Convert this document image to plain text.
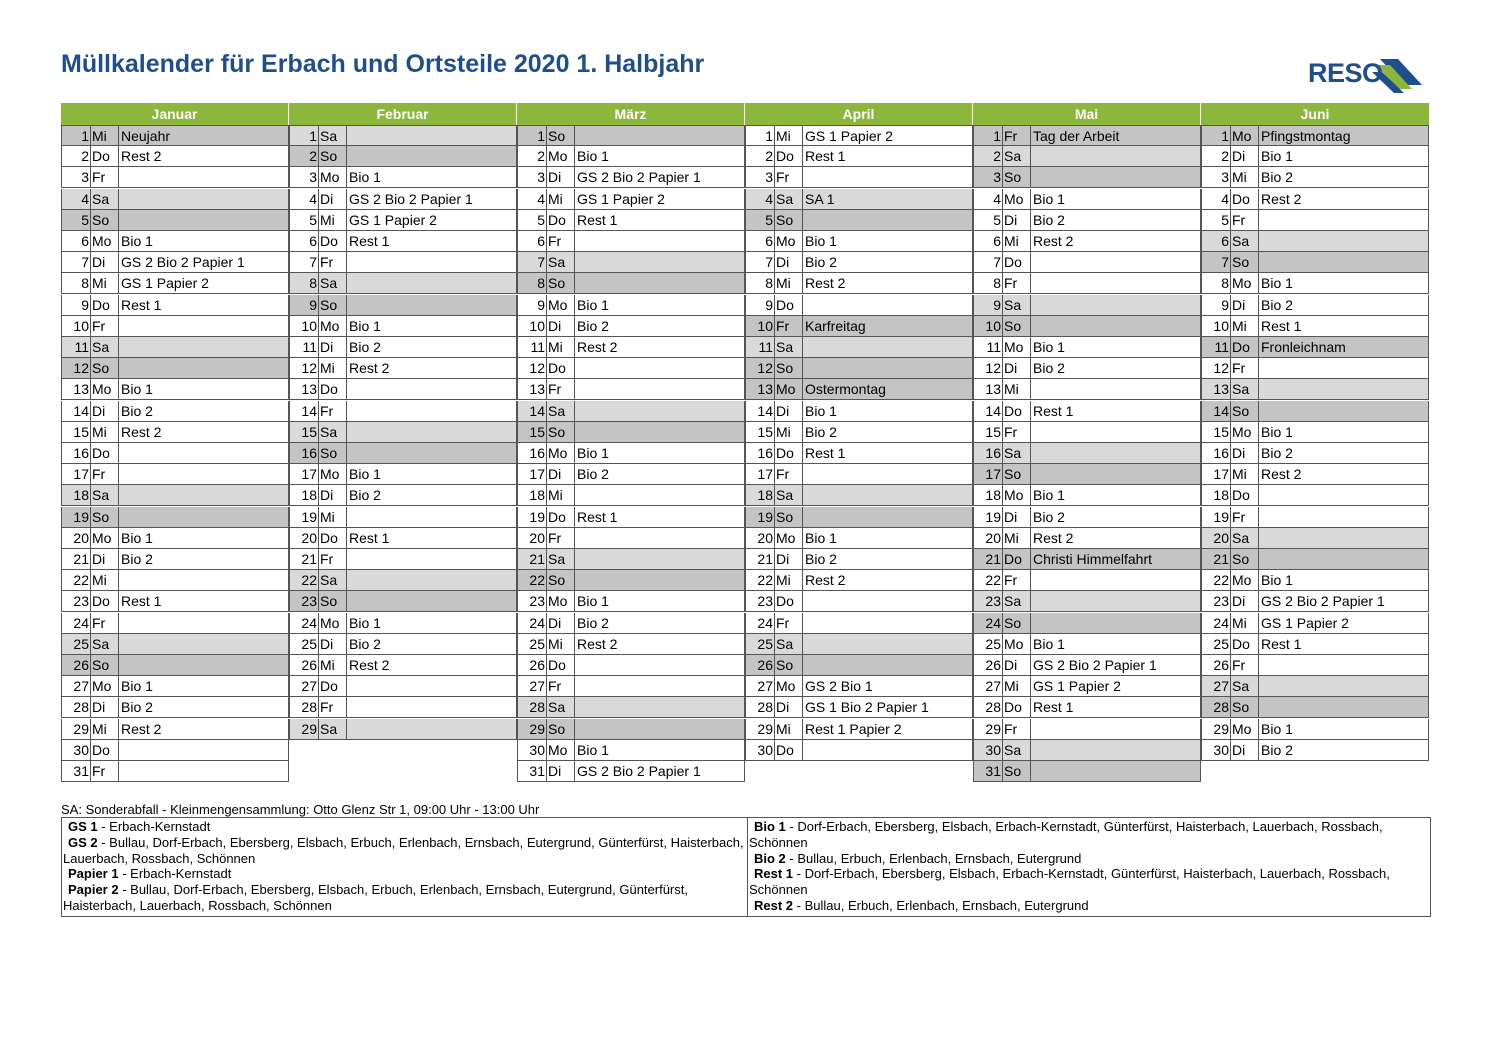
Müllkalender für Erbach und Ortsteile 2020 1. Halbjahr	RESO
Januar
1 Mi	Neujahr
2 Do Rest 2
3 Fr
4 Sa
5 So
6 Mo Bio 1
7 Di	GS 2 Bio 2 Papier 1
8 Mi	GS 1 Papier 2
9 Do Rest 1
10 Fr
11 Sa
12 So
13 Mo Bio 1
14 Di	Bio 2
15 Mi	Rest 2
16 Do
17 Fr
18 Sa
19 So
20 Mo Bio 1
21 Di	Bio 2
22 Mi
23 Do Rest 1
24 Fr
25 Sa
26 So
27 Mo Bio 1
28 Di	Bio 2
29 Mi	Rest 2
30 Do
31 Fr
Februar
1 Sa
2 So
3 Mo Bio 1
4 Di	GS 2 Bio 2 Papier 1
5 Mi	GS 1 Papier 2
6 Do Rest 1
7 Fr
8 Sa
9 So
10 Mo Bio 1
11 Di	Bio 2
12 Mi	Rest 2
13 Do
14 Fr
15 Sa
16 So
17 Mo Bio 1
18 Di	Bio 2
19 Mi
20 Do Rest 1
21 Fr
22 Sa
23 So
24 Mo Bio 1
25 Di	Bio 2
26 Mi	Rest 2
27 Do
28 Fr
29 Sa
März
1 So
2 Mo Bio 1
3 Di	GS 2 Bio 2 Papier 1
4 Mi	GS 1 Papier 2
5 Do Rest 1
6 Fr
7 Sa
8 So
9 Mo Bio 1
10 Di	Bio 2
11 Mi	Rest 2
12 Do
13 Fr
14 Sa
15 So
16 Mo Bio 1
17 Di	Bio 2
18 Mi
19 Do Rest 1
20 Fr
21 Sa
22 So
23 Mo Bio 1
24 Di	Bio 2
25 Mi	Rest 2
26 Do
27 Fr
28 Sa
29 So
30 Mo Bio 1
31 Di	GS 2 Bio 2 Papier 1
April
1 Mi	GS 1 Papier 2
2 Do Rest 1
3 Fr
4 Sa SA 1
5 So
6 Mo Bio 1
7 Di	Bio 2
8 Mi	Rest 2
9 Do
10 Fr	Karfreitag
11 Sa
12 So
13 Mo Ostermontag
14 Di	Bio 1
15 Mi	Bio 2
16 Do Rest 1
17 Fr
18 Sa
19 So
20 Mo Bio 1
21 Di	Bio 2
22 Mi	Rest 2
23 Do
24 Fr
25 Sa
26 So
27 Mo GS 2 Bio 1
28 Di	GS 1 Bio 2 Papier 1
29 Mi	Rest 1 Papier 2
30 Do
Mai
1 Fr	Tag der Arbeit
2 Sa
3 So
4 Mo Bio 1
5 Di	Bio 2
6 Mi	Rest 2
7 Do
8 Fr
9 Sa
10 So
11 Mo Bio 1
12 Di	Bio 2
13 Mi
14 Do Rest 1
15 Fr
16 Sa
17 So
18 Mo Bio 1
19 Di	Bio 2
20 Mi	Rest 2
21 Do Christi Himmelfahrt
22 Fr
23 Sa
24 So
25 Mo Bio 1
26 Di	GS 2 Bio 2 Papier 1
27 Mi	GS 1 Papier 2
28 Do Rest 1
29 Fr
30 Sa
31 So
Juni
1 Mo Pfingstmontag
2 Di	Bio 1
3 Mi	Bio 2
4 Do Rest 2
5 Fr
6 Sa
7 So
8 Mo Bio 1
9 Di	Bio 2
10 Mi	Rest 1
11 Do Fronleichnam
12 Fr
13 Sa
14 So
15 Mo Bio 1
16 Di	Bio 2
17 Mi	Rest 2
18 Do
19 Fr
20 Sa
21 So
22 Mo Bio 1
23 Di	GS 2 Bio 2 Papier 1
24 Mi	GS 1 Papier 2
25 Do Rest 1
26 Fr
27 Sa
28 So
29 Mo Bio 1
30 Di	Bio 2
SA: Sonderabfall - Kleinmengensammlung: Otto Glenz Str 1, 09:00 Uhr - 13:00 Uhr
GS 1 - Erbach-Kernstadt
GS 2 - Bullau, Dorf-Erbach, Ebersberg, Elsbach, Erbuch, Erlenbach, Ernsbach, Eutergrund, Günterfürst, Haisterbach, Lauerbach, Rossbach, Schönnen
Papier 1 - Erbach-Kernstadt
Papier 2 - Bullau, Dorf-Erbach, Ebersberg, Elsbach, Erbuch, Erlenbach, Ernsbach, Eutergrund, Günterfürst, Haisterbach, Lauerbach, Rossbach, Schönnen
Bio 1 - Dorf-Erbach, Ebersberg, Elsbach, Erbach-Kernstadt, Günterfürst, Haisterbach, Lauerbach, Rossbach, Schönnen
Bio 2 - Bullau, Erbuch, Erlenbach, Ernsbach, Eutergrund
Rest 1 - Dorf-Erbach, Ebersberg, Elsbach, Erbach-Kernstadt, Günterfürst, Haisterbach, Lauerbach, Rossbach, Schönnen
Rest 2 - Bullau, Erbuch, Erlenbach, Ernsbach, Eutergrund
